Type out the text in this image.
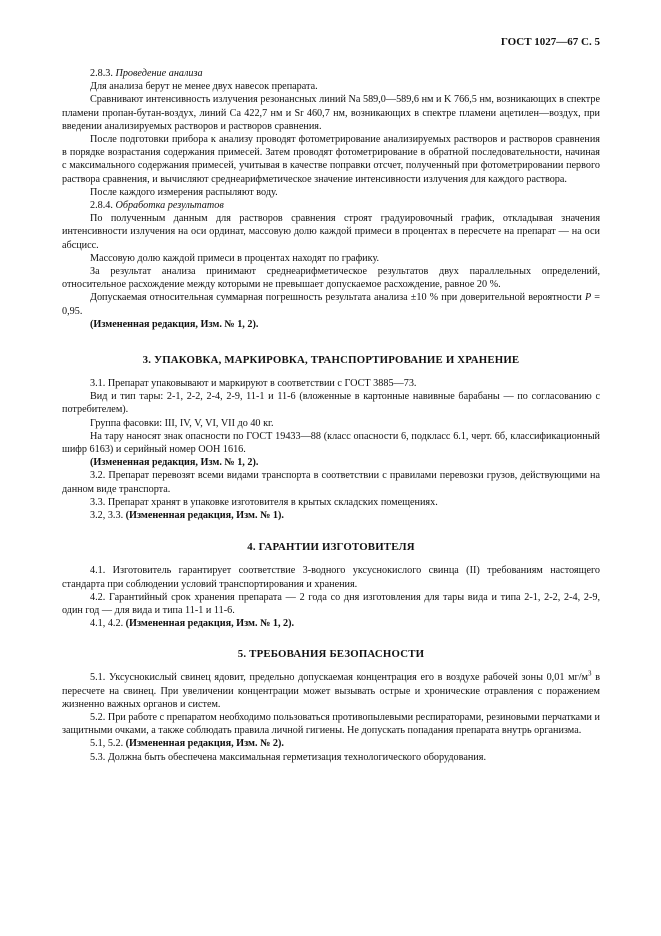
ГОСТ 1027—67 С. 5

2.8.3. Проведение анализа

Для анализа берут не менее двух навесок препарата.

Сравнивают интенсивность излучения резонансных линий Na 589,0—589,6 нм и K 766,5 нм, возникающих в спектре пламени пропан-бутан-воздух, линий Ca 422,7 нм и Sr 460,7 нм, возникающих в спектре пламени ацетилен—воздух, при введении анализируемых растворов и растворов сравнения.

После подготовки прибора к анализу проводят фотометрирование анализируемых растворов и растворов сравнения в порядке возрастания содержания примесей. Затем проводят фотометрирование в обратной последовательности, начиная с максимального содержания примесей, учитывая в качестве поправки отсчет, полученный при фотометрировании первого раствора сравнения, и вычисляют среднеарифметическое значение интенсивности излучения для каждого раствора.

После каждого измерения распыляют воду.

2.8.4. Обработка результатов

По полученным данным для растворов сравнения строят градуировочный график, откладывая значения интенсивности излучения на оси ординат, массовую долю каждой примеси в процентах в пересчете на препарат — на оси абсцисс.

Массовую долю каждой примеси в процентах находят по графику.

За результат анализа принимают среднеарифметическое результатов двух параллельных определений, относительное расхождение между которыми не превышает допускаемое расхождение, равное 20 %.

Допускаемая относительная суммарная погрешность результата анализа ±10 % при доверительной вероятности P = 0,95.

(Измененная редакция, Изм. № 1, 2).

3. УПАКОВКА, МАРКИРОВКА, ТРАНСПОРТИРОВАНИЕ И ХРАНЕНИЕ

3.1. Препарат упаковывают и маркируют в соответствии с ГОСТ 3885—73.

Вид и тип тары: 2-1, 2-2, 2-4, 2-9, 11-1 и 11-6 (вложенные в картонные навивные барабаны — по согласованию с потребителем).

Группа фасовки: III, IV, V, VI, VII до 40 кг.

На тару наносят знак опасности по ГОСТ 19433—88 (класс опасности 6, подкласс 6.1, черт. 6б, классификационный шифр 6163) и серийный номер ООН 1616.

(Измененная редакция, Изм. № 1, 2).

3.2. Препарат перевозят всеми видами транспорта в соответствии с правилами перевозки грузов, действующими на данном виде транспорта.

3.3. Препарат хранят в упаковке изготовителя в крытых складских помещениях.

3.2, 3.3. (Измененная редакция, Изм. № 1).

4. ГАРАНТИИ ИЗГОТОВИТЕЛЯ

4.1. Изготовитель гарантирует соответствие 3-водного уксуснокислого свинца (II) требованиям настоящего стандарта при соблюдении условий транспортирования и хранения.

4.2. Гарантийный срок хранения препарата — 2 года со дня изготовления для тары вида и типа 2-1, 2-2, 2-4, 2-9, один год — для вида и типа 11-1 и 11-6.

4.1, 4.2. (Измененная редакция, Изм. № 1, 2).

5. ТРЕБОВАНИЯ БЕЗОПАСНОСТИ

5.1. Уксуснокислый свинец ядовит, предельно допускаемая концентрация его в воздухе рабочей зоны 0,01 $мг/м^3$ в пересчете на свинец. При увеличении концентрации может вызывать острые и хронические отравления с поражением жизненно важных органов и систем.

5.2. При работе с препаратом необходимо пользоваться противопылевыми респираторами, резиновыми перчатками и защитными очками, а также соблюдать правила личной гигиены. Не допускать попадания препарата внутрь организма.

5.1, 5.2. (Измененная редакция, Изм. № 2).

5.3. Должна быть обеспечена максимальная герметизация технологического оборудования.
